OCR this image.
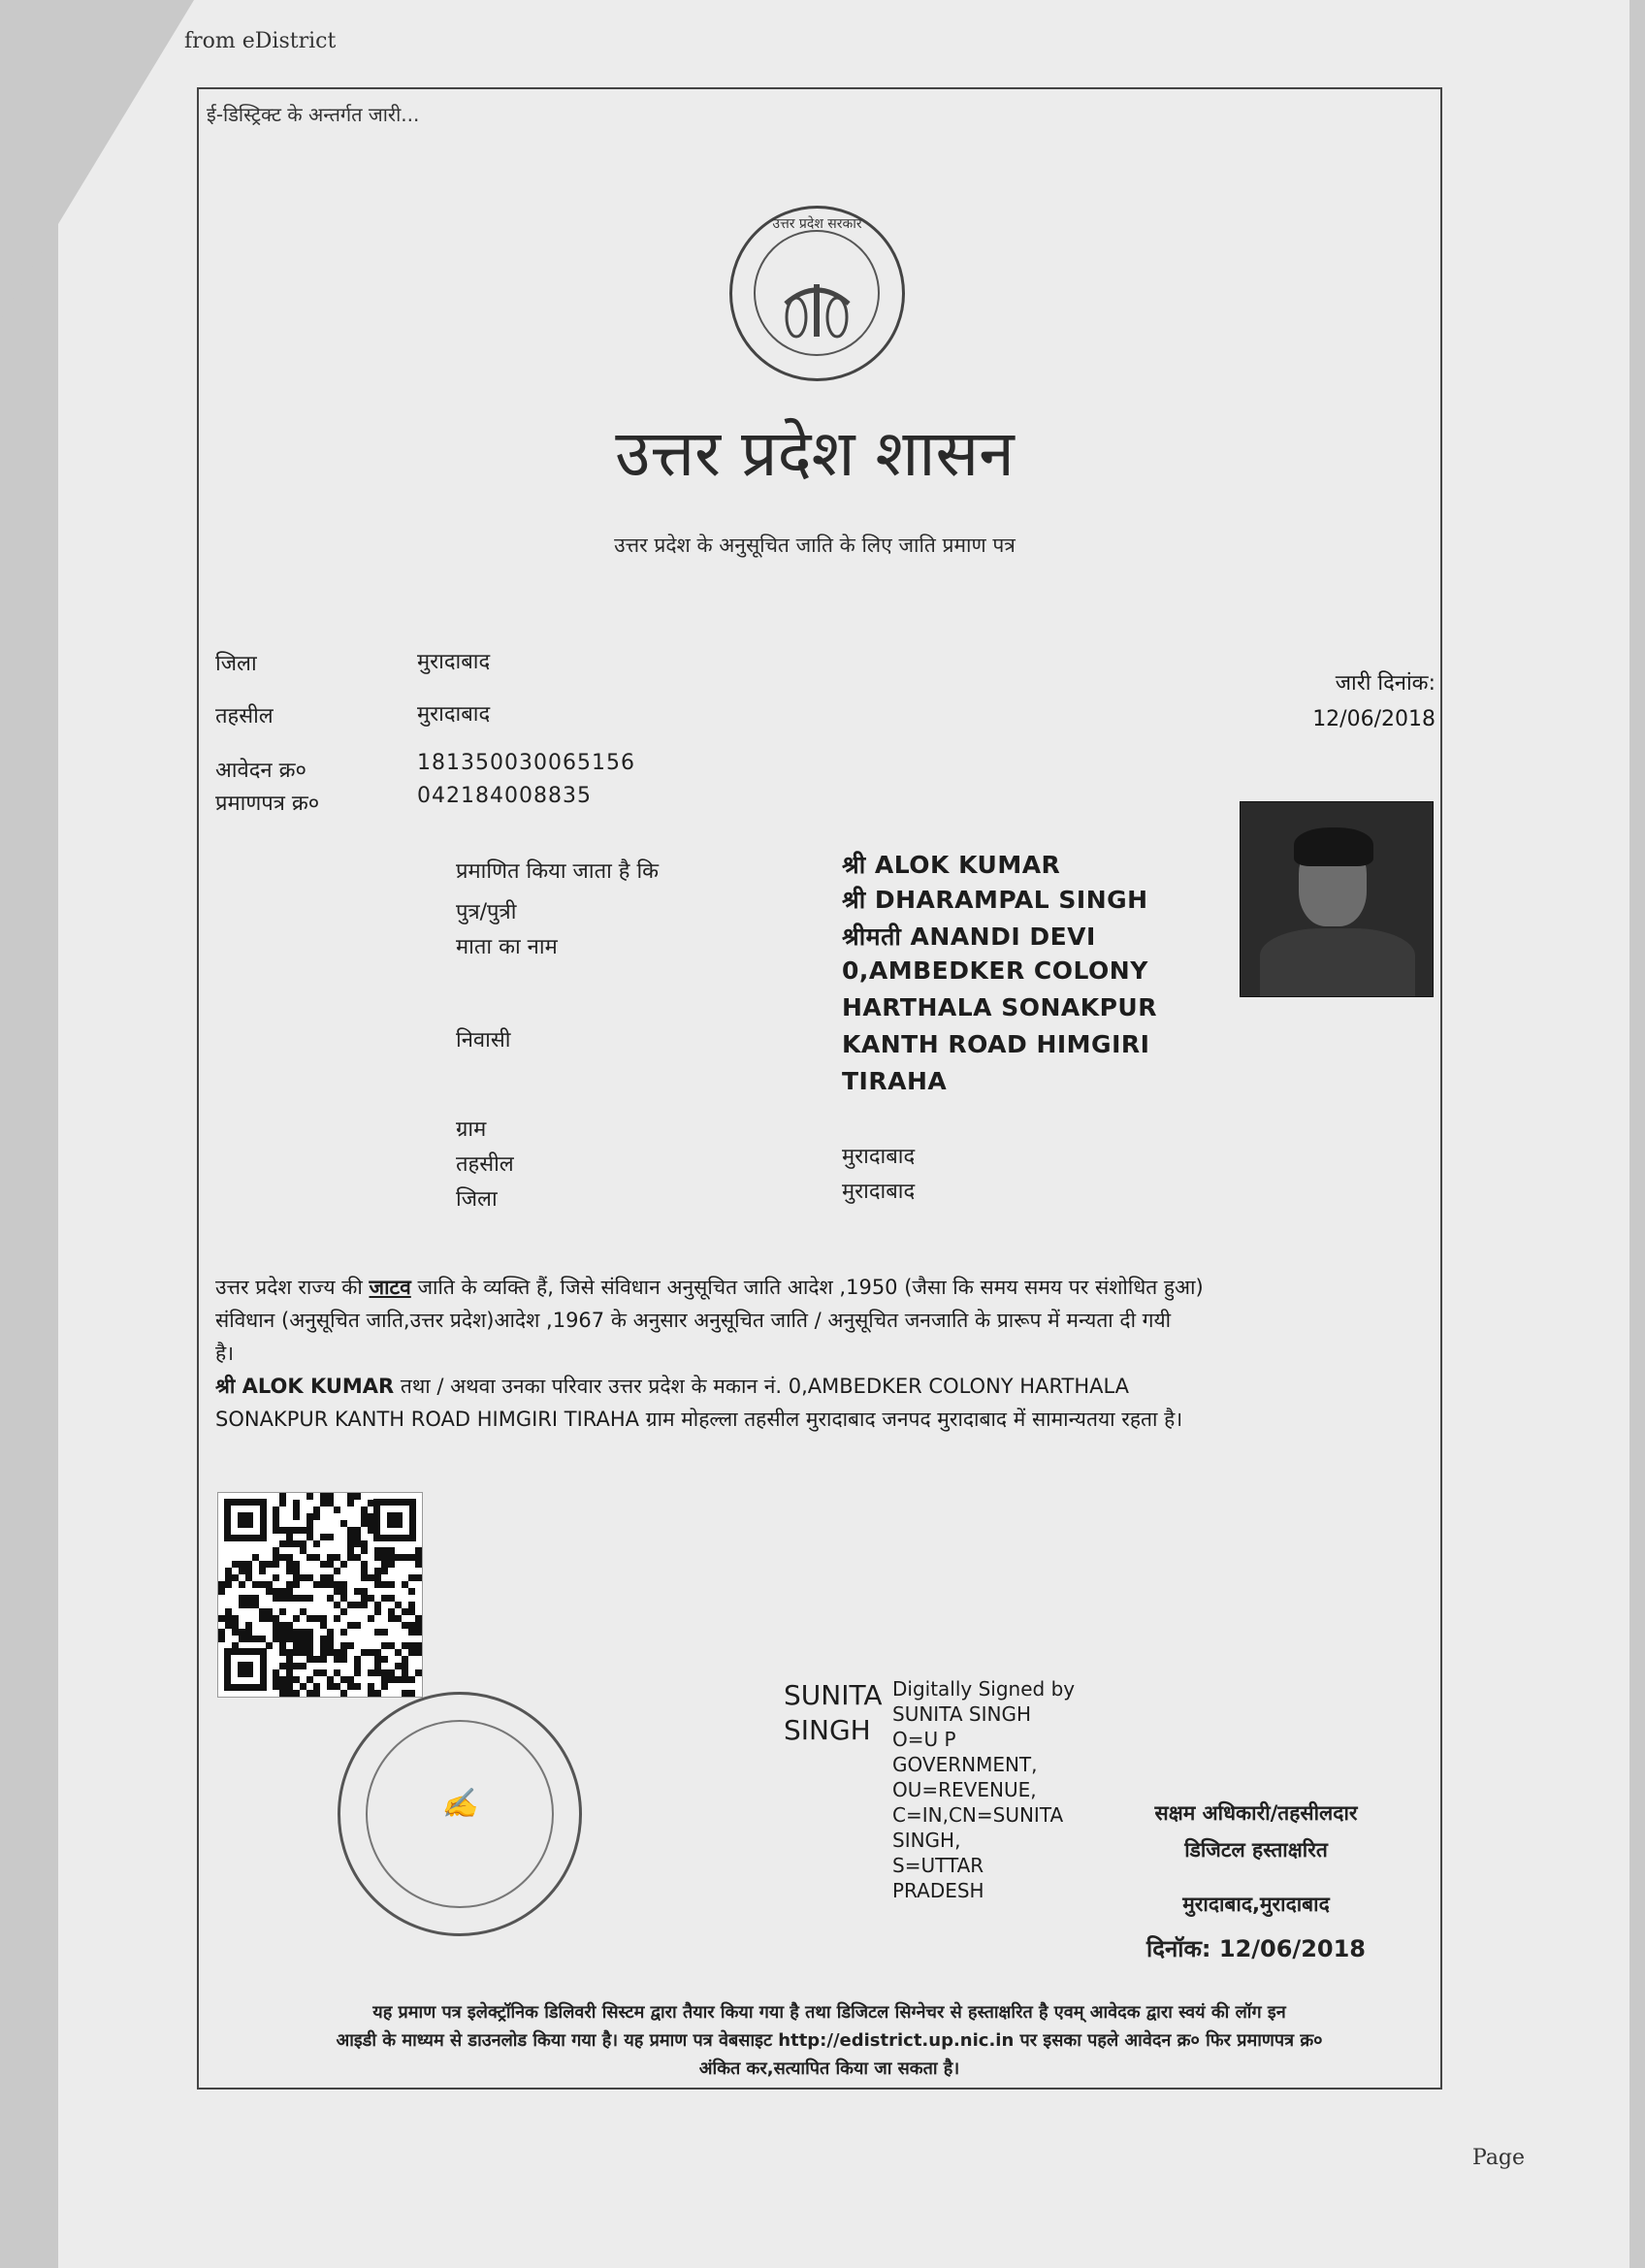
from eDistrict
ई-डिस्ट्रिक्ट के अन्तर्गत जारी...
उत्तर प्रदेश सरकार
उत्तर प्रदेश शासन
उत्तर प्रदेश के अनुसूचित जाति के लिए जाति प्रमाण पत्र
जिला	मुरादाबाद
तहसील	मुरादाबाद
आवेदन क्र०	181350030065156
प्रमाणपत्र क्र०	042184008835
जारी दिनांक:
12/06/2018
प्रमाणित किया जाता है कि	श्री ALOK KUMAR
पुत्र/पुत्री	श्री DHARAMPAL SINGH
माता का नाम	श्रीमती ANANDI DEVI
0,AMBEDKER COLONY
HARTHALA SONAKPUR
निवासी	KANTH ROAD HIMGIRI
TIRAHA
ग्राम
तहसील	मुरादाबाद
जिला	मुरादाबाद
उत्तर प्रदेश राज्य की जाटव जाति के व्यक्ति हैं, जिसे संविधान अनुसूचित जाति आदेश ,1950 (जैसा कि समय समय पर संशोधित हुआ)
संविधान (अनुसूचित जाति,उत्तर प्रदेश)आदेश ,1967 के अनुसार अनुसूचित जाति / अनुसूचित जनजाति के प्रारूप में मन्यता दी गयी
है।
श्री ALOK KUMAR तथा / अथवा उनका परिवार उत्तर प्रदेश के मकान नं. 0,AMBEDKER COLONY HARTHALA
SONAKPUR KANTH ROAD HIMGIRI TIRAHA ग्राम मोहल्ला तहसील मुरादाबाद जनपद मुरादाबाद में सामान्यतया रहता है।
✍
SUNITA
SINGH
Digitally Signed by
SUNITA SINGH
O=U P
GOVERNMENT,
OU=REVENUE,
C=IN,CN=SUNITA
SINGH,
S=UTTAR
PRADESH
सक्षम अधिकारी/तहसीलदार
डिजिटल हस्ताक्षरित
मुरादाबाद,मुरादाबाद
दिनॉक: 12/06/2018
यह प्रमाण पत्र इलेक्ट्रॉनिक डिलिवरी सिस्टम द्वारा तैयार किया गया है तथा डिजिटल सिग्नेचर से हस्ताक्षरित है एवम् आवेदक द्वारा स्वयं की लॉग इन
आइडी के माध्यम से डाउनलोड किया गया है। यह प्रमाण पत्र वेबसाइट http://edistrict.up.nic.in पर इसका पहले आवेदन क्र० फिर प्रमाणपत्र क्र०
अंकित कर,सत्यापित किया जा सकता है।
Page
